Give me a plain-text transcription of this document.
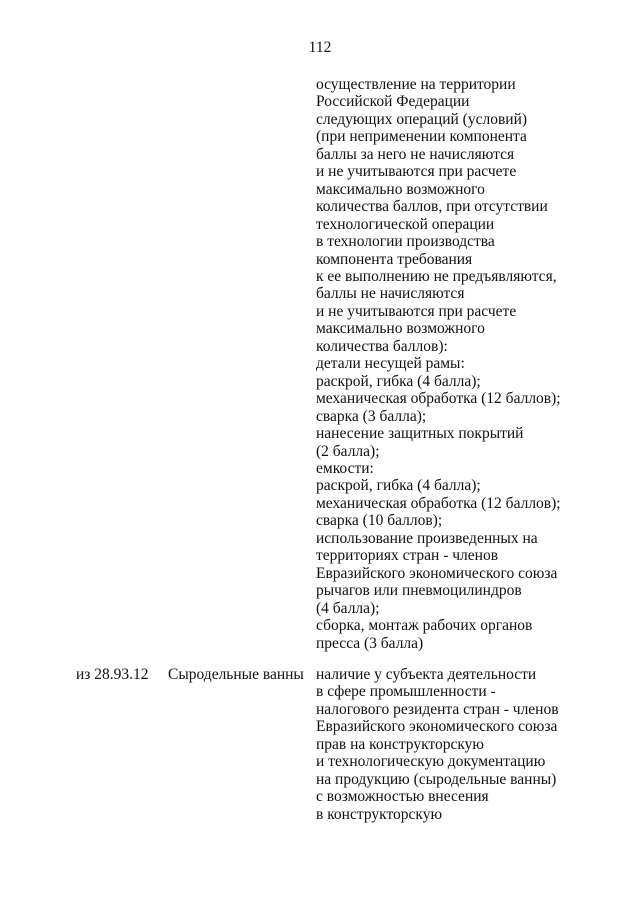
112
осуществление на территории
Российской Федерации
следующих операций (условий)
(при неприменении компонента
баллы за него не начисляются
и не учитываются при расчете
максимально возможного
количества баллов, при отсутствии
технологической операции
в технологии производства
компонента требования
к ее выполнению не предъявляются,
баллы не начисляются
и не учитываются при расчете
максимально возможного
количества баллов):
детали несущей рамы:
раскрой, гибка (4 балла);
механическая обработка (12 баллов);
сварка (3 балла);
нанесение защитных покрытий
(2 балла);
емкости:
раскрой, гибка (4 балла);
механическая обработка (12 баллов);
сварка (10 баллов);
использование произведенных на
территориях стран - членов
Евразийского экономического союза
рычагов или пневмоцилиндров
(4 балла);
сборка, монтаж рабочих органов
пресса (3 балла)
из 28.93.12 Сыродельные ванны наличие у субъекта деятельности
в сфере промышленности -
налогового резидента стран - членов
Евразийского экономического союза
прав на конструкторскую
и технологическую документацию
на продукцию (сыродельные ванны)
с возможностью внесения
в конструкторскую
